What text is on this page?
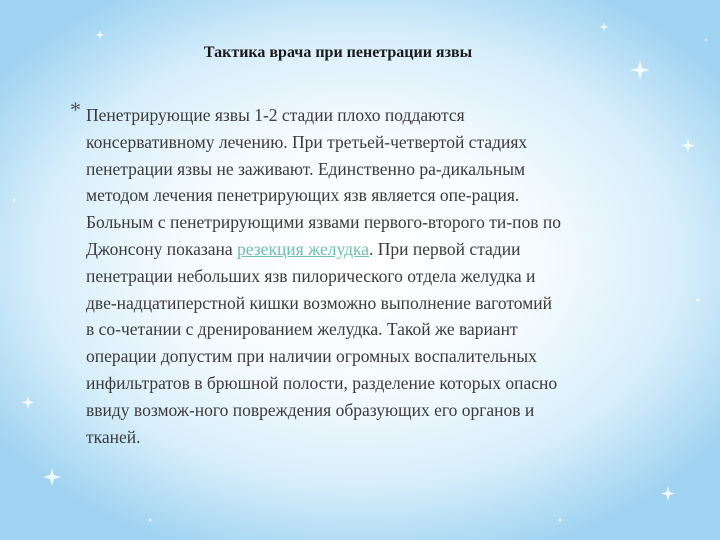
Тактика врача при пенетрации язвы
* Пенетрирующие язвы 1-2 стадии плохо поддаются
консервативному лечению. При третьей-четвертой стадиях
пенетрации язвы не заживают. Единственно ра-дикальным
методом лечения пенетрирующих язв является опе-рация.
Больным с пенетрирующими язвами первого-второго ти-пов по
Джонсону показана резекция желудка. При первой стадии
пенетрации небольших язв пилорического отдела желудка и
две-надцатиперстной кишки возможно выполнение ваготомий
в со-четании с дренированием желудка. Такой же вариант
операции допустим при наличии огромных воспалительных
инфильтратов в брюшной полости, разделение которых опасно
ввиду возмож-ного повреждения образующих его органов и
тканей.
